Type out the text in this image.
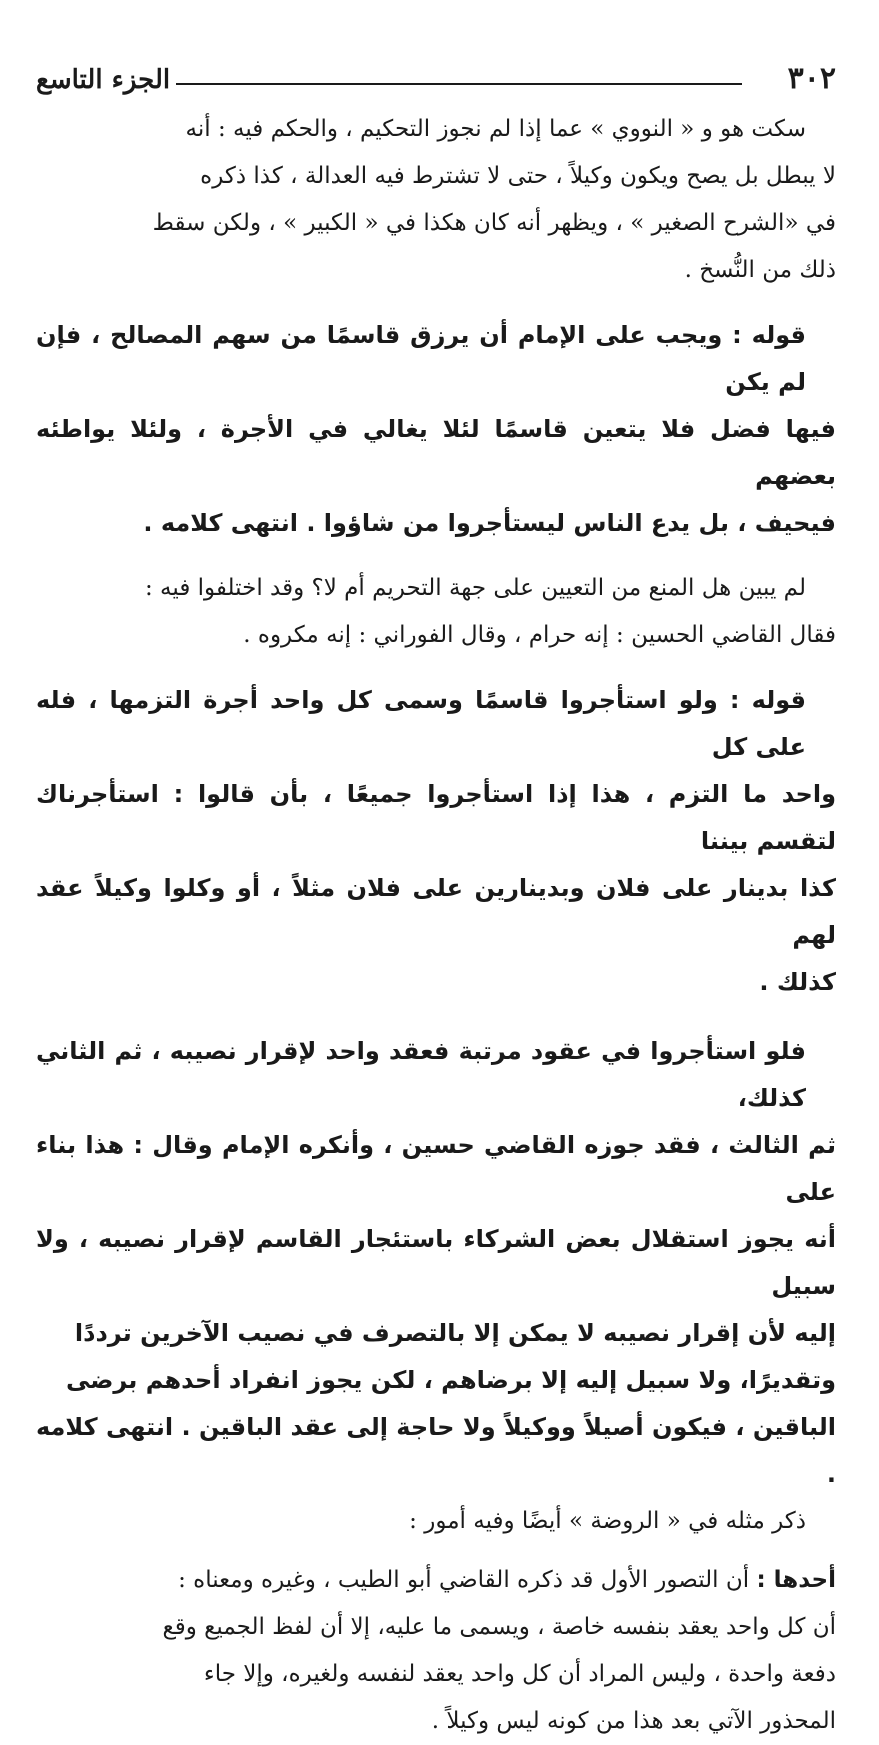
٣٠٢
الجزء التاسع
سكت هو و « النووي » عما إذا لم نجوز التحكيم ، والحكم فيه : أنه
لا يبطل بل يصح ويكون وكيلاً ، حتى لا تشترط فيه العدالة ، كذا ذكره
في «الشرح الصغير » ، ويظهر أنه كان هكذا في « الكبير » ، ولكن سقط
ذلك من النُّسخ .
قوله : ويجب على الإمام أن يرزق قاسمًا من سهم المصالح ، فإن لم يكن
فيها فضل فلا يتعين قاسمًا لئلا يغالي في الأجرة ، ولئلا يواطئه بعضهم
فيحيف ، بل يدع الناس ليستأجروا من شاؤوا . انتهى كلامه .
لم يبين هل المنع من التعيين على جهة التحريم أم لا؟ وقد اختلفوا فيه :
فقال القاضي الحسين : إنه حرام ، وقال الفوراني : إنه مكروه .
قوله : ولو استأجروا قاسمًا وسمى كل واحد أجرة التزمها ، فله على كل
واحد ما التزم ، هذا إذا استأجروا جميعًا ، بأن قالوا : استأجرناك لتقسم بيننا
كذا بدينار على فلان وبدينارين على فلان مثلاً ، أو وكلوا وكيلاً عقد لهم
كذلك .
فلو استأجروا في عقود مرتبة فعقد واحد لإقرار نصيبه ، ثم الثاني كذلك،
ثم الثالث ، فقد جوزه القاضي حسين ، وأنكره الإمام وقال : هذا بناء على
أنه يجوز استقلال بعض الشركاء باستئجار القاسم لإقرار نصيبه ، ولا سبيل
إليه لأن إقرار نصيبه لا يمكن إلا بالتصرف في نصيب الآخرين ترددًا
وتقديرًا، ولا سبيل إليه إلا برضاهم ، لكن يجوز انفراد أحدهم برضى
الباقين ، فيكون أصيلاً ووكيلاً ولا حاجة إلى عقد الباقين . انتهى كلامه .
ذكر مثله في « الروضة » أيضًا وفيه أمور :
أحدها : أن التصور الأول قد ذكره القاضي أبو الطيب ، وغيره ومعناه :
أن كل واحد يعقد بنفسه خاصة ، ويسمى ما عليه، إلا أن لفظ الجميع وقع
دفعة واحدة ، وليس المراد أن كل واحد يعقد لنفسه ولغيره، وإلا جاء
المحذور الآتي بعد هذا من كونه ليس وكيلاً .
